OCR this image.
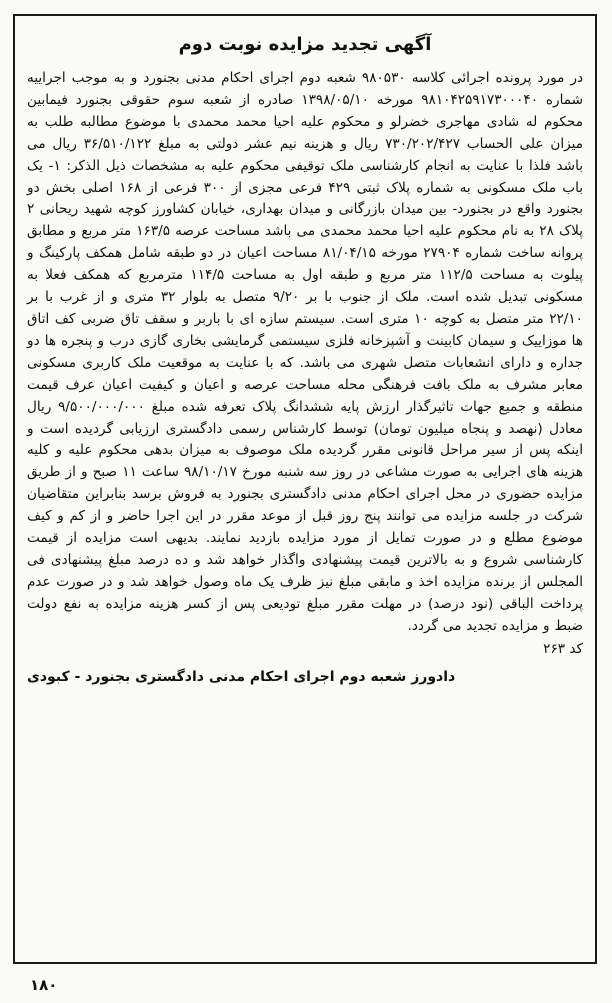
آگهی تجدید مزایده نوبت دوم

در مورد پرونده اجرائی کلاسه ۹۸۰۵۳۰ شعبه دوم اجرای احکام مدنی بجنورد و به موجب اجراییه شماره ۹۸۱۰۴۲۵۹۱۷۳۰۰۰۴۰ مورخه ۱۳۹۸/۰۵/۱۰ صادره از شعبه سوم حقوقی بجنورد فیمابین محکوم له شادی مهاجری خضرلو و محکوم علیه احیا محمد محمدی با موضوع مطالبه طلب به میزان علی الحساب ۷۳۰/۲۰۲/۴۲۷ ریال و هزینه نیم عشر دولتی به مبلغ ۳۶/۵۱۰/۱۲۲ ریال می باشد فلذا با عنایت به انجام کارشناسی ملک توقیفی محکوم علیه به مشخصات ذیل الذکر: ۱- یک باب ملک مسکونی به شماره پلاک ثبتی ۴۲۹ فرعی مجزی از ۳۰۰ فرعی از ۱۶۸ اصلی بخش دو بجنورد واقع در بجنورد- بین میدان بازرگانی و میدان بهداری، خیابان کشاورز کوچه شهید ریحانی ۲ پلاک ۲۸ به نام محکوم علیه احیا محمد محمدی می باشد مساحت عرصه ۱۶۳/۵ متر مربع و مطابق پروانه ساخت شماره ۲۷۹۰۴ مورخه ۸۱/۰۴/۱۵ مساحت اعیان در دو طبقه شامل همکف پارکینگ و پیلوت به مساحت ۱۱۲/۵ متر مربع و طبقه اول به مساحت ۱۱۴/۵ مترمربع که همکف فعلا به مسکونی تبدیل شده است. ملک از جنوب با بر ۹/۲۰ متصل به بلوار ۳۲ متری و از غرب با بر ۲۲/۱۰ متر متصل به کوچه ۱۰ متری است. سیستم سازه ای با باربر و سقف تاق ضربی کف اتاق ها موزاییک و سیمان کابینت و آشپزخانه فلزی سیستمی گرمایشی بخاری گازی درب و پنجره ها دو جداره و دارای انشعابات متصل شهری می باشد. که با عنایت به موقعیت ملک کاربری مسکونی معابر مشرف به ملک بافت فرهنگی محله مساحت عرصه و اعیان و کیفیت اعیان عرف قیمت منطقه و جمیع جهات تاثیرگذار ارزش پایه ششدانگ پلاک تعرفه شده مبلغ ۹/۵۰۰/۰۰۰/۰۰۰ ریال معادل (نهصد و پنجاه میلیون تومان) توسط کارشناس رسمی دادگستری ارزیابی گردیده است و اینکه پس از سیر مراحل قانونی مقرر گردیده ملک موصوف به میزان بدهی محکوم علیه و کلیه هزینه های اجرایی به صورت مشاعی در روز سه شنبه مورخ ۹۸/۱۰/۱۷ ساعت ۱۱ صبح و از طریق مزایده حضوری در محل اجرای احکام مدنی دادگستری بجنورد به فروش برسد بنابراین متقاضیان شرکت در جلسه مزایده می توانند پنج روز قبل از موعد مقرر در این اجرا حاضر و از کم و کیف موضوع مطلع و در صورت تمایل از مورد مزایده بازدید نمایند. بدیهی است مزایده از قیمت کارشناسی شروع و به بالاترین قیمت پیشنهادی واگذار خواهد شد و ده درصد مبلغ پیشنهادی فی المجلس از برنده مزایده اخذ و مابقی مبلغ نیز ظرف یک ماه وصول خواهد شد و در صورت عدم پرداخت الباقی (نود درصد) در مهلت مقرر مبلغ تودیعی پس از کسر هزینه مزایده به نفع دولت ضبط و مزایده تجدید می گردد.

کد ۲۶۳

دادورز شعبه دوم اجرای احکام مدنی دادگستری بجنورد - کبودی
۱۸۰
